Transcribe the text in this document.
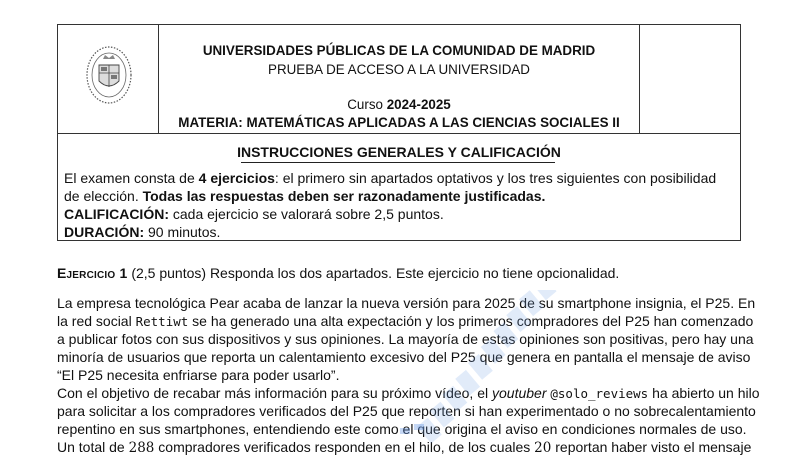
UNIVERSIDADES PÚBLICAS DE LA COMUNIDAD DE MADRID
PRUEBA DE ACCESO A LA UNIVERSIDAD
Curso 2024-2025
MATERIA: MATEMÁTICAS APLICADAS A LAS CIENCIAS SOCIALES II
INSTRUCCIONES GENERALES Y CALIFICACIÓN
El examen consta de 4 ejercicios: el primero sin apartados optativos y los tres siguientes con posibilidad
de elección. Todas las respuestas deben ser razonadamente justificadas.
CALIFICACIÓN: cada ejercicio se valorará sobre 2,5 puntos.
DURACIÓN: 90 minutos.
Ejercicio 1 (2,5 puntos) Responda los dos apartados. Este ejercicio no tiene opcionalidad.
La empresa tecnológica Pear acaba de lanzar la nueva versión para 2025 de su smartphone insignia, el P25. En
la red social Rettiwt se ha generado una alta expectación y los primeros compradores del P25 han comenzado
a publicar fotos con sus dispositivos y sus opiniones. La mayoría de estas opiniones son positivas, pero hay una
minoría de usuarios que reporta un calentamiento excesivo del P25 que genera en pantalla el mensaje de aviso
“El P25 necesita enfriarse para poder usarlo”.
Con el objetivo de recabar más información para su próximo vídeo, el youtuber @solo_reviews ha abierto un hilo
para solicitar a los compradores verificados del P25 que reporten si han experimentado o no sobrecalentamiento
repentino en sus smartphones, entendiendo este como el que origina el aviso en condiciones normales de uso.
Un total de 288 compradores verificados responden en el hilo, de los cuales 20 reportan haber visto el mensaje
